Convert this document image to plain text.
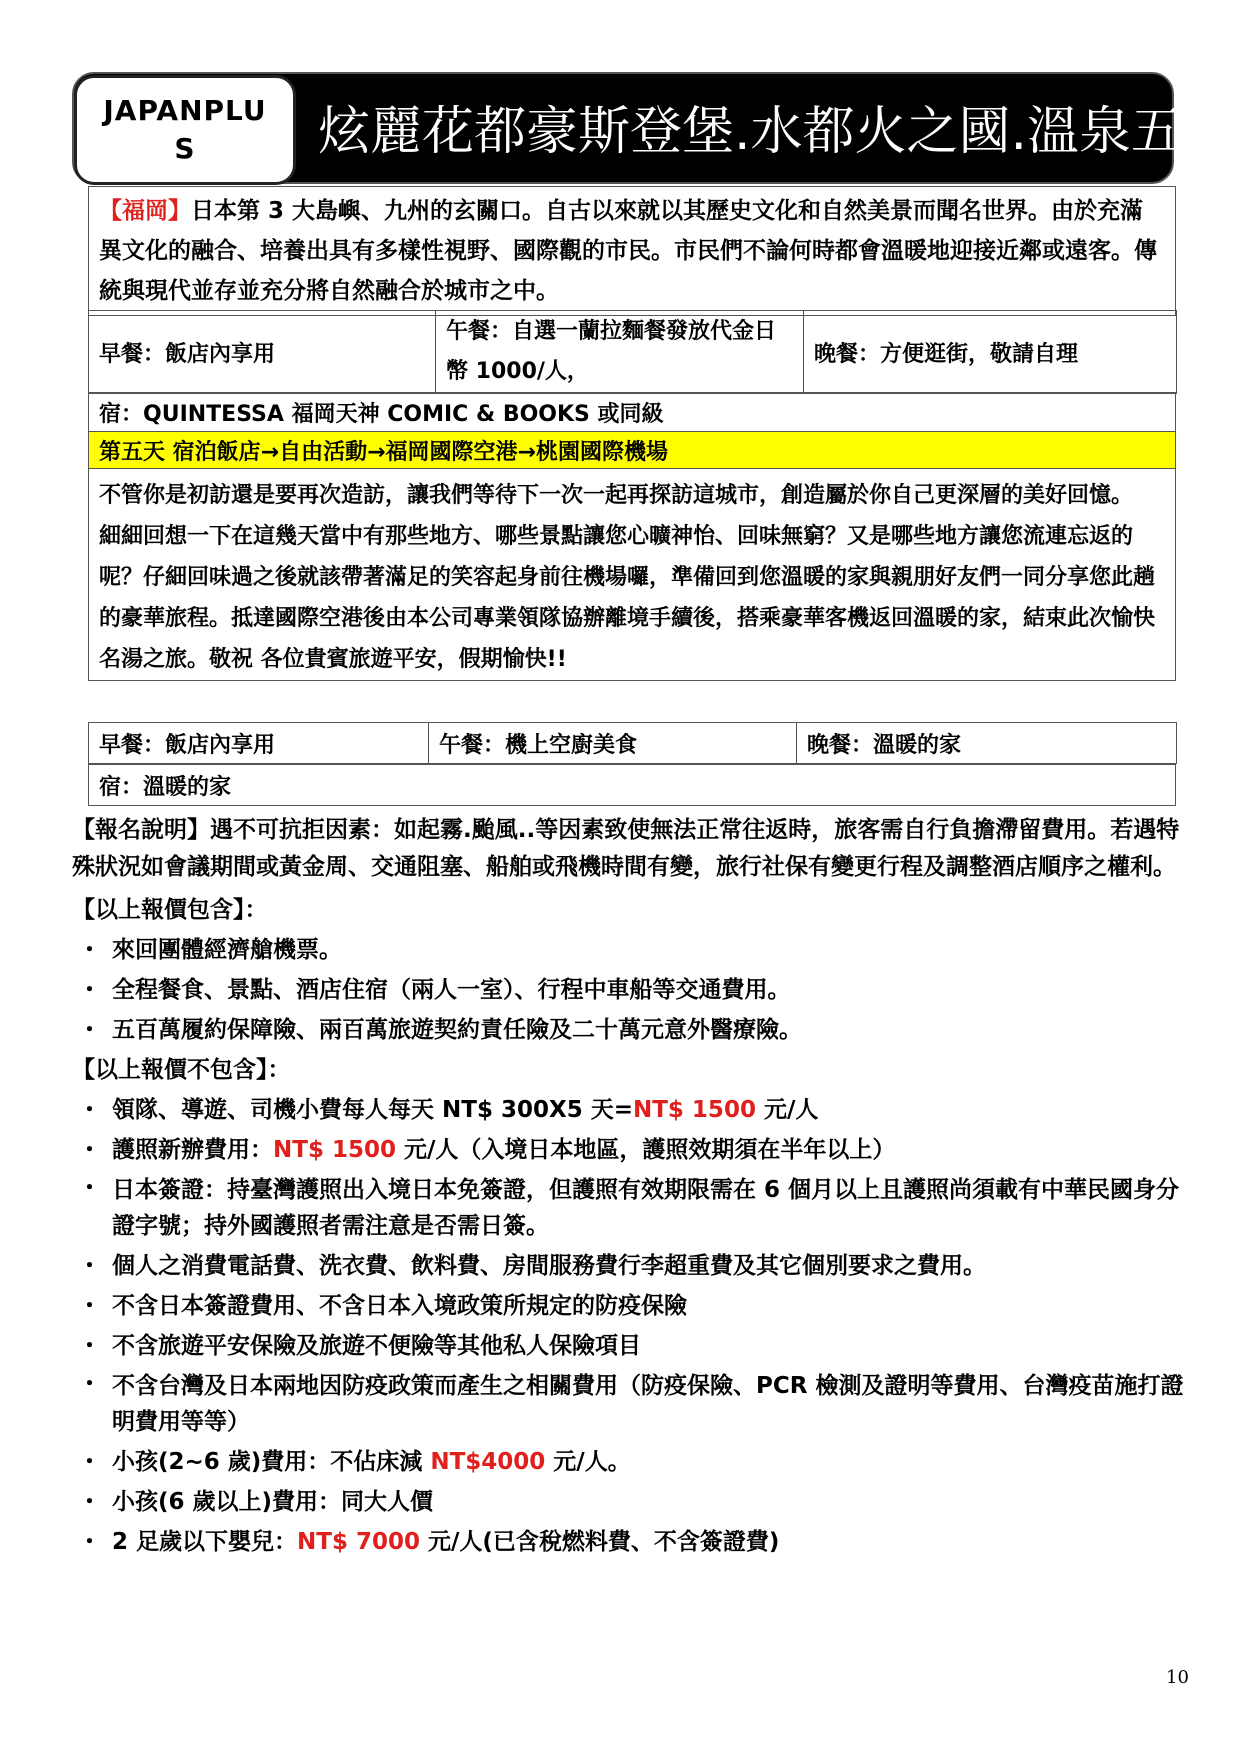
JAPANPLUS	炫麗花都豪斯登堡.水都火之國.溫泉五日
【福岡】日本第 3 大島嶼、九州的玄關口。自古以來就以其歷史文化和自然美景而聞名世界。由於充滿異文化的融合、培養出具有多樣性視野、國際觀的市民。市民們不論何時都會溫暖地迎接近鄰或遠客。傳統與現代並存並充分將自然融合於城市之中。
早餐：飯店內享用	午餐：自選一蘭拉麵餐發放代金日幣 1000/人，	晚餐：方便逛街，敬請自理
宿：QUINTESSA 福岡天神 COMIC & BOOKS 或同級
第五天 宿泊飯店→自由活動→福岡國際空港→桃園國際機場

不管你是初訪還是要再次造訪，讓我們等待下一次一起再探訪這城市，創造屬於你自己更深層的美好回憶。
細細回想一下在這幾天當中有那些地方、哪些景點讓您心曠神怡、回味無窮？又是哪些地方讓您流連忘返的呢？仔細回味過之後就該帶著滿足的笑容起身前往機場囉，準備回到您溫暖的家與親朋好友們一同分享您此趟的豪華旅程。抵達國際空港後由本公司專業領隊協辦離境手續後，搭乘豪華客機返回溫暖的家，結束此次愉快名湯之旅。敬祝 各位貴賓旅遊平安，假期愉快!!
早餐：飯店內享用	午餐：機上空廚美食	晚餐：溫暖的家
宿：溫暖的家

【報名說明】遇不可抗拒因素：如起霧.颱風..等因素致使無法正常往返時，旅客需自行負擔滯留費用。若遇特殊狀況如會議期間或黃金周、交通阻塞、船舶或飛機時間有變，旅行社保有變更行程及調整酒店順序之權利。

【以上報價包含】：

・ 來回團體經濟艙機票。

・ 全程餐食、景點、酒店住宿（兩人一室）、行程中車船等交通費用。

・ 五百萬履約保障險、兩百萬旅遊契約責任險及二十萬元意外醫療險。

【以上報價不包含】：

・ 領隊、導遊、司機小費每人每天 NT$ 300X5 天=NT$ 1500 元/人

・ 護照新辦費用：NT$ 1500 元/人（入境日本地區，護照效期須在半年以上）

・ 日本簽證：持臺灣護照出入境日本免簽證，但護照有效期限需在 6 個月以上且護照尚須載有中華民國身分證字號；持外國護照者需注意是否需日簽。

・ 個人之消費電話費、洗衣費、飲料費、房間服務費行李超重費及其它個別要求之費用。

・ 不含日本簽證費用、不含日本入境政策所規定的防疫保險

・ 不含旅遊平安保險及旅遊不便險等其他私人保險項目

・ 不含台灣及日本兩地因防疫政策而產生之相關費用（防疫保險、PCR 檢測及證明等費用、台灣疫苗施打證明費用等等）

・ 小孩(2~6 歲)費用：不佔床減 NT$4000 元/人。

・ 小孩(6 歲以上)費用：同大人價

・ 2 足歲以下嬰兒：NT$ 7000 元/人(已含稅燃料費、不含簽證費)

10
